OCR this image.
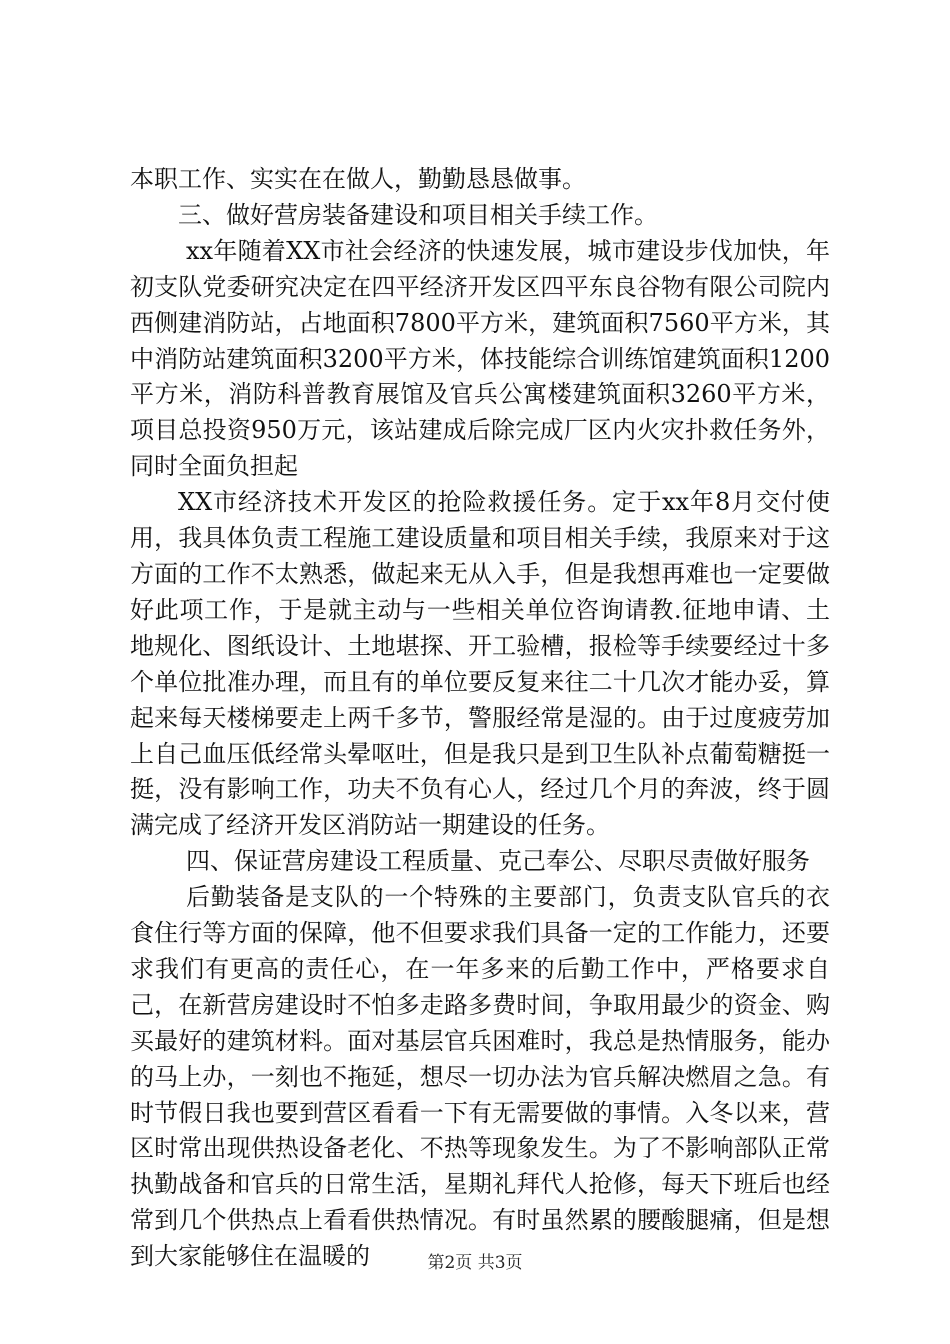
本职工作、实实在在做人，勤勤恳恳做事。

三、做好营房装备建设和项目相关手续工作。

xx年随着XX市社会经济的快速发展，城市建设步伐加快，年初支队党委研究决定在四平经济开发区四平东良谷物有限公司院内西侧建消防站，占地面积7800平方米，建筑面积7560平方米，其中消防站建筑面积3200平方米，体技能综合训练馆建筑面积1200平方米，消防科普教育展馆及官兵公寓楼建筑面积3260平方米，项目总投资950万元，该站建成后除完成厂区内火灾扑救任务外，同时全面负担起

XX市经济技术开发区的抢险救援任务。定于xx年8月交付使用，我具体负责工程施工建设质量和项目相关手续，我原来对于这方面的工作不太熟悉，做起来无从入手，但是我想再难也一定要做好此项工作，于是就主动与一些相关单位咨询请教.征地申请、土地规化、图纸设计、土地堪探、开工验槽，报检等手续要经过十多个单位批准办理，而且有的单位要反复来往二十几次才能办妥，算起来每天楼梯要走上两千多节，警服经常是湿的。由于过度疲劳加上自己血压低经常头晕呕吐，但是我只是到卫生队补点葡萄糖挺一挺，没有影响工作，功夫不负有心人，经过几个月的奔波，终于圆满完成了经济开发区消防站一期建设的任务。

四、保证营房建设工程质量、克己奉公、尽职尽责做好服务

后勤装备是支队的一个特殊的主要部门，负责支队官兵的衣食住行等方面的保障，他不但要求我们具备一定的工作能力，还要求我们有更高的责任心，在一年多来的后勤工作中，严格要求自己，在新营房建设时不怕多走路多费时间，争取用最少的资金、购买最好的建筑材料。面对基层官兵困难时，我总是热情服务，能办的马上办，一刻也不拖延，想尽一切办法为官兵解决燃眉之急。有时节假日我也要到营区看看一下有无需要做的事情。入冬以来，营区时常出现供热设备老化、不热等现象发生。为了不影响部队正常执勤战备和官兵的日常生活，星期礼拜代人抢修，每天下班后也经常到几个供热点上看看供热情况。有时虽然累的腰酸腿痛，但是想到大家能够住在温暖的	第2页 共3页
